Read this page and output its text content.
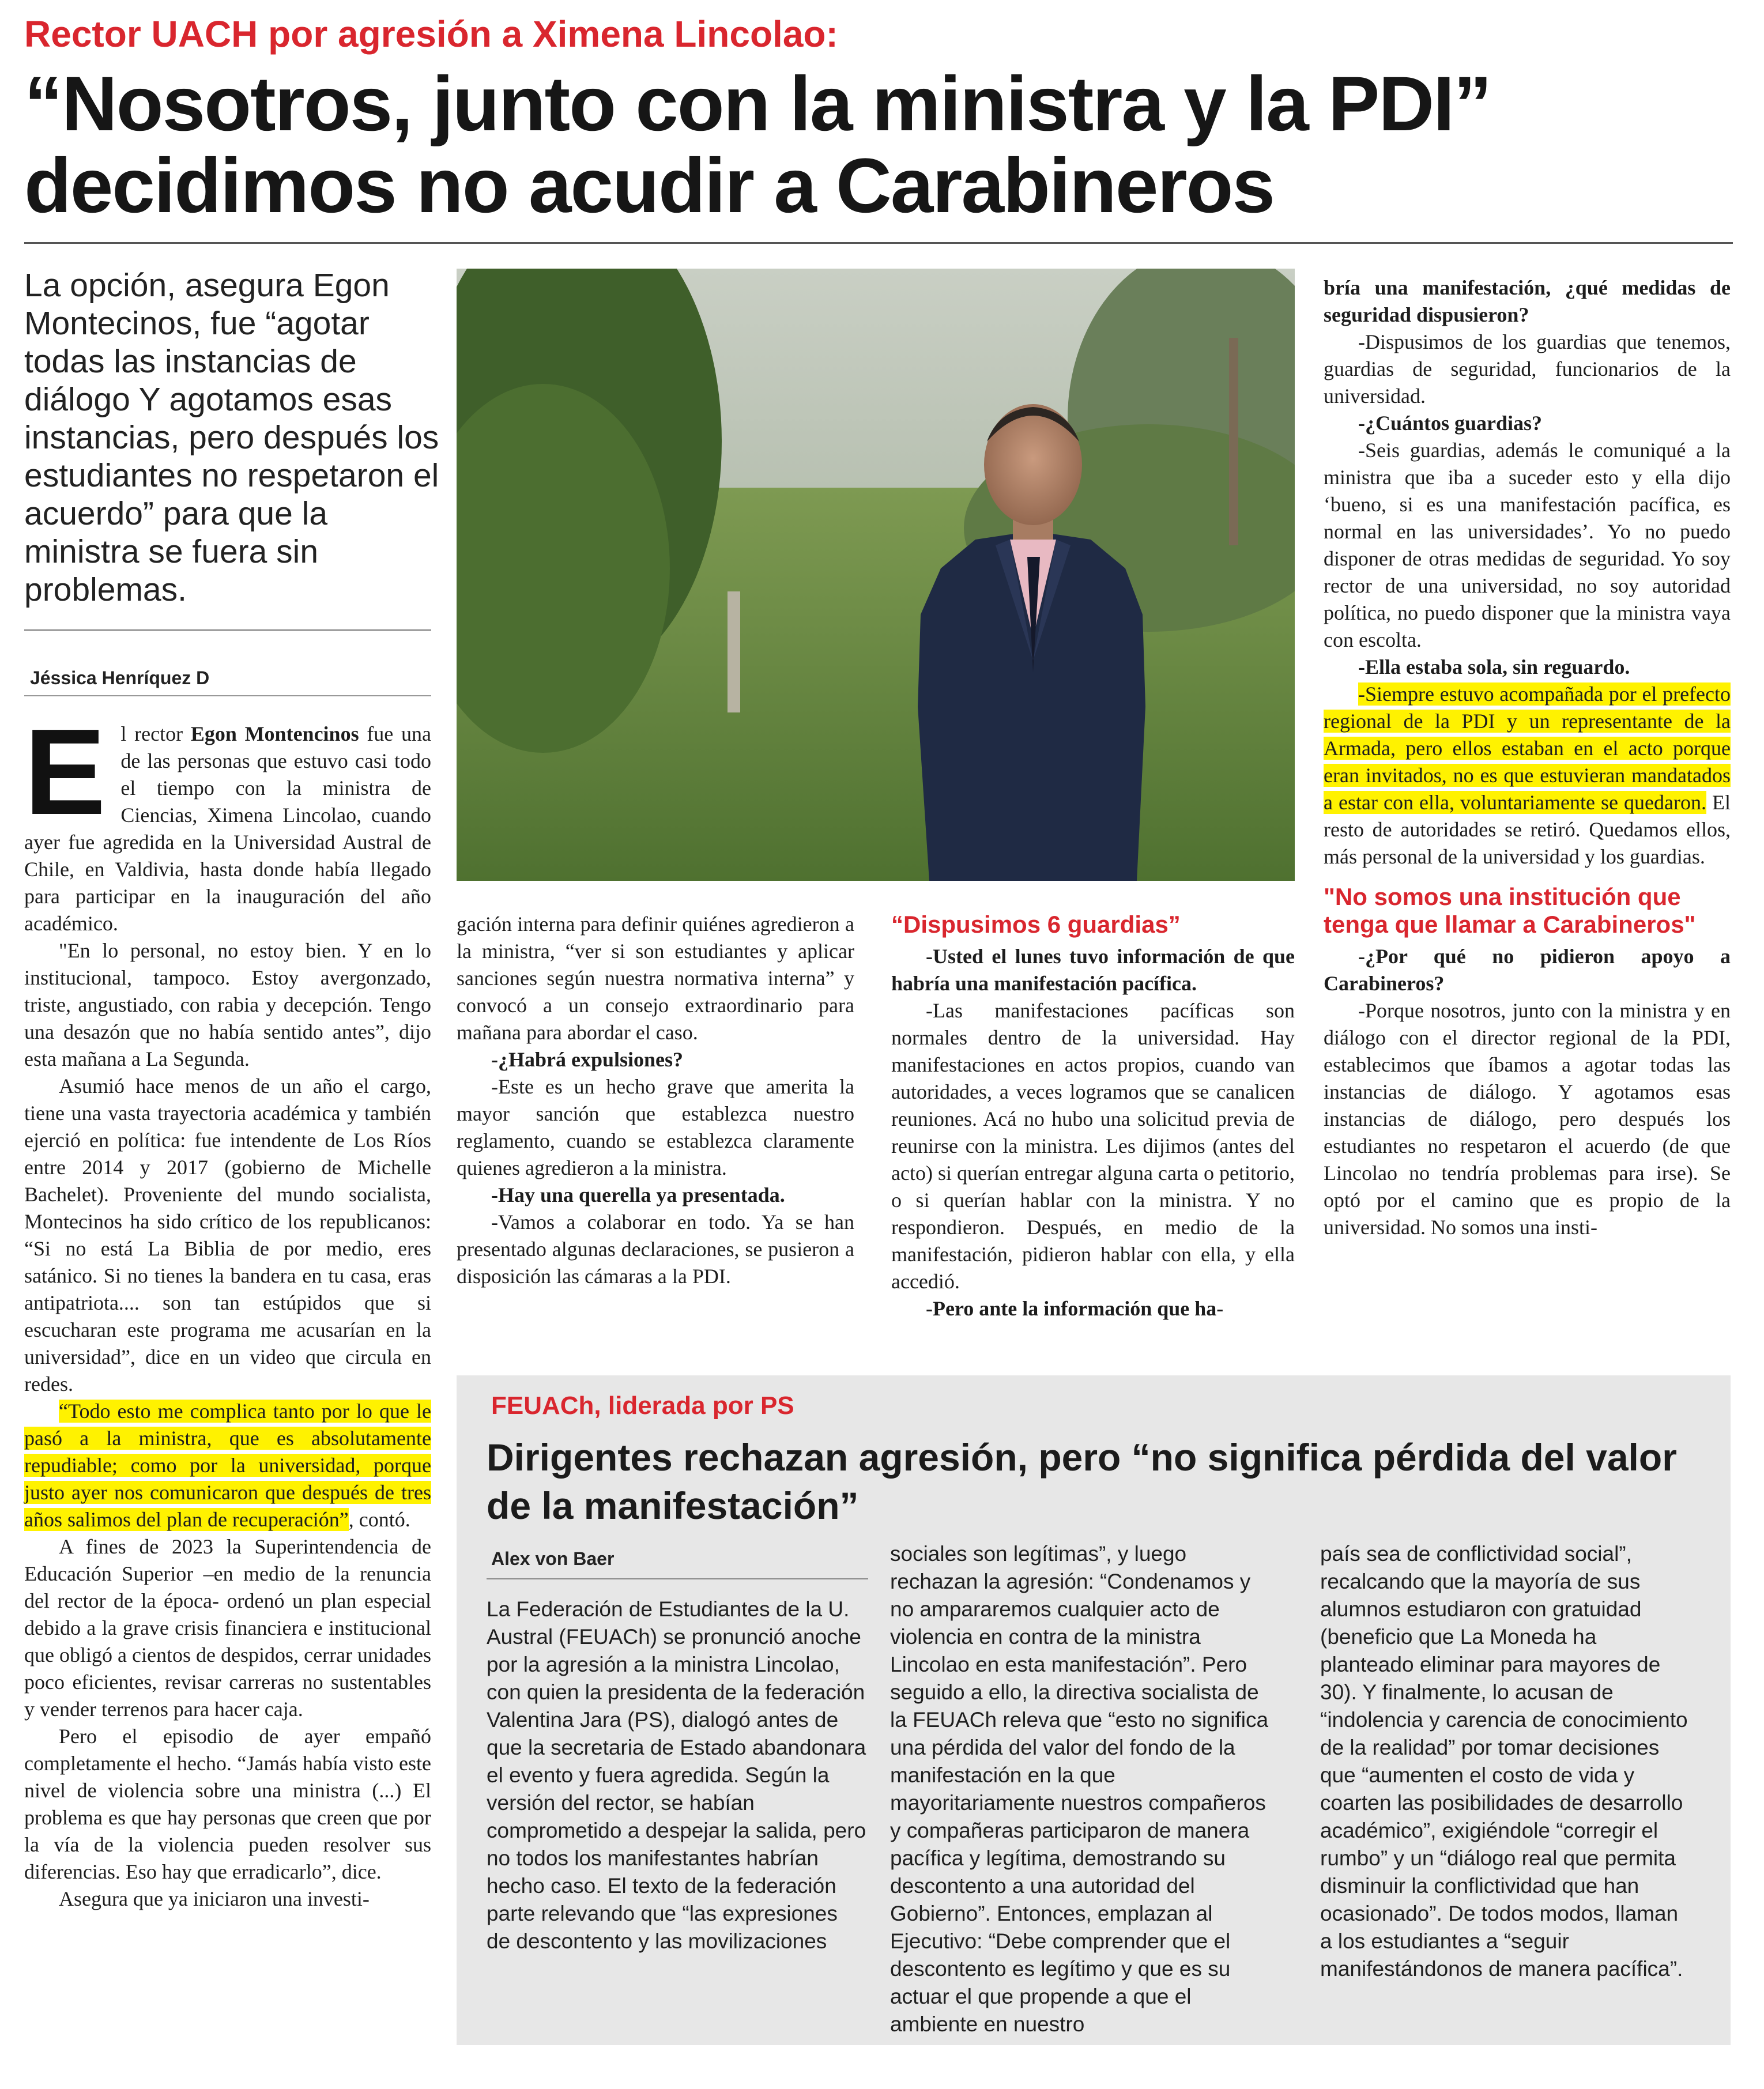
Rector UACH por agresión a Ximena Lincolao:
“Nosotros, junto con la ministra y la PDI”
decidimos no acudir a Carabineros
La opción, asegura Egon Montecinos, fue “agotar todas las instancias de diálogo Y agotamos esas instancias, pero después los estudiantes no respetaron el acuerdo” para que la ministra se fuera sin problemas.
Jéssica Henríquez D

El rector Egon Montencinos fue una de las personas que estuvo casi todo el tiempo con la ministra de Ciencias, Ximena Lincolao, cuando ayer fue agredida en la Universidad Austral de Chile, en Valdivia, hasta donde había llegado para participar en la inauguración del año académico.

"En lo personal, no estoy bien. Y en lo institucional, tampoco. Estoy avergonzado, triste, angustiado, con rabia y decepción. Tengo una desazón que no había sentido antes”, dijo esta mañana a La Segunda.

Asumió hace menos de un año el cargo, tiene una vasta trayectoria académica y también ejerció en política: fue intendente de Los Ríos entre 2014 y 2017 (gobierno de Michelle Bachelet). Proveniente del mundo socialista, Montecinos ha sido crítico de los republicanos: “Si no está La Biblia de por medio, eres satánico. Si no tienes la bandera en tu casa, eras antipatriota.... son tan estúpidos que si escucharan este programa me acusarían en la universidad”, dice en un video que circula en redes.

“Todo esto me complica tanto por lo que le pasó a la ministra, que es absolutamente repudiable; como por la universidad, porque justo ayer nos comunicaron que después de tres años salimos del plan de recuperación”, contó.

A fines de 2023 la Superintendencia de Educación Superior –en medio de la renuncia del rector de la época- ordenó un plan especial debido a la grave crisis financiera e institucional que obligó a cientos de despidos, cerrar unidades poco eficientes, revisar carreras no sustentables y vender terrenos para hacer caja.

Pero el episodio de ayer empañó completamente el hecho. “Jamás había visto este nivel de violencia sobre una ministra (...) El problema es que hay personas que creen que por la vía de la violencia pueden resolver sus diferencias. Eso hay que erradicarlo”, dice.

Asegura que ya iniciaron una investi-

gación interna para definir quiénes agredieron a la ministra, “ver si son estudiantes y aplicar sanciones según nuestra normativa interna” y convocó a un consejo extraordinario para mañana para abordar el caso.

-¿Habrá expulsiones?

-Este es un hecho grave que amerita la mayor sanción que establezca nuestro reglamento, cuando se establezca claramente quienes agredieron a la ministra.

-Hay una querella ya presentada.

-Vamos a colaborar en todo. Ya se han presentado algunas declaraciones, se pusieron a disposición las cámaras a la PDI.

“Dispusimos 6 guardias”

-Usted el lunes tuvo información de que habría una manifestación pacífica.

-Las manifestaciones pacíficas son normales dentro de la universidad. Hay manifestaciones en actos propios, cuando van autoridades, a veces logramos que se canalicen reuniones. Acá no hubo una solicitud previa de reunirse con la ministra. Les dijimos (antes del acto) si querían entregar alguna carta o petitorio, o si querían hablar con la ministra. Y no respondieron. Después, en medio de la manifestación, pidieron hablar con ella, y ella accedió.

-Pero ante la información que ha-

bría una manifestación, ¿qué medidas de seguridad dispusieron?

-Dispusimos de los guardias que tenemos, guardias de seguridad, funcionarios de la universidad.

-¿Cuántos guardias?

-Seis guardias, además le comuniqué a la ministra que iba a suceder esto y ella dijo ‘bueno, si es una manifestación pacífica, es normal en las universidades’. Yo no puedo disponer de otras medidas de seguridad. Yo soy rector de una universidad, no soy autoridad política, no puedo disponer que la ministra vaya con escolta.

-Ella estaba sola, sin reguardo.

-Siempre estuvo acompañada por el prefecto regional de la PDI y un representante de la Armada, pero ellos estaban en el acto porque eran invitados, no es que estuvieran mandatados a estar con ella, voluntariamente se quedaron. El resto de autoridades se retiró. Quedamos ellos, más personal de la universidad y los guardias.

"No somos una institución que tenga que llamar a Carabineros"

-¿Por qué no pidieron apoyo a Carabineros?

-Porque nosotros, junto con la ministra y en diálogo con el director regional de la PDI, establecimos que íbamos a agotar todas las instancias de diálogo. Y agotamos esas instancias de diálogo, pero después los estudiantes no respetaron el acuerdo (de que Lincolao no tendría problemas para irse). Se optó por el camino que es propio de la universidad. No somos una insti-

FEUACh, liderada por PS
Dirigentes rechazan agresión, pero “no significa pérdida del valor de la manifestación”
Alex von Baer
La Federación de Estudiantes de la U. Austral (FEUACh) se pronunció anoche por la agresión a la ministra Lincolao, con quien la presidenta de la federación Valentina Jara (PS), dialogó antes de que la secretaria de Estado abandonara el evento y fuera agredida. Según la versión del rector, se habían comprometido a despejar la salida, pero no todos los manifestantes habrían hecho caso. El texto de la federación parte relevando que “las expresiones de descontento y las movilizaciones
sociales son legítimas”, y luego rechazan la agresión: “Condenamos y no ampararemos cualquier acto de violencia en contra de la ministra Lincolao en esta manifestación”. Pero seguido a ello, la directiva socialista de la FEUACh releva que “esto no significa una pérdida del valor del fondo de la manifestación en la que mayoritariamente nuestros compañeros y compañeras participaron de manera pacífica y legítima, demostrando su descontento a una autoridad del Gobierno”. Entonces, emplazan al Ejecutivo: “Debe comprender que el descontento es legítimo y que es su actuar el que propende a que el ambiente en nuestro
país sea de conflictividad social”, recalcando que la mayoría de sus alumnos estudiaron con gratuidad (beneficio que La Moneda ha planteado eliminar para mayores de 30). Y finalmente, lo acusan de “indolencia y carencia de conocimiento de la realidad” por tomar decisiones que “aumenten el costo de vida y coarten las posibilidades de desarrollo académico”, exigiéndole “corregir el rumbo” y un “diálogo real que permita disminuir la conflictividad que han ocasionado”. De todos modos, llaman a los estudiantes a “seguir manifestándonos de manera pacífica”.
